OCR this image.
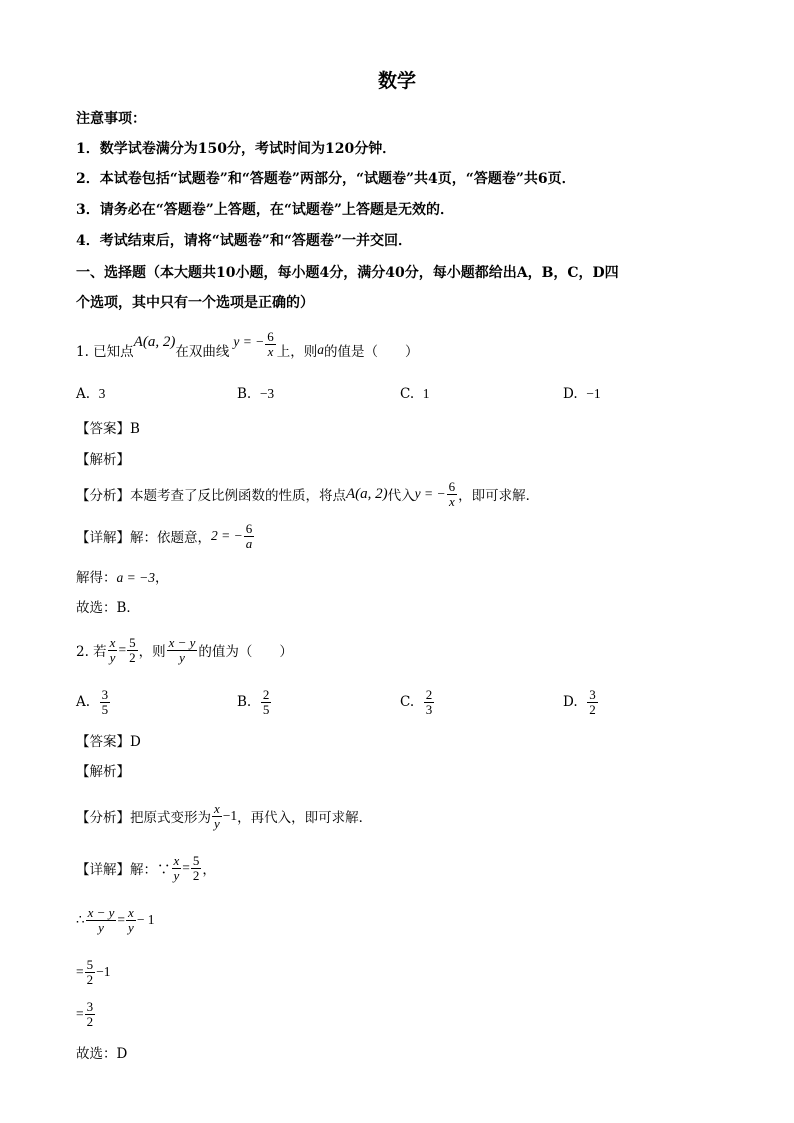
数学
注意事项：
1．数学试卷满分为150分，考试时间为120分钟．
2．本试卷包括“试题卷”和“答题卷”两部分，“试题卷”共4页，“答题卷”共6页．
3．请务必在“答题卷”上答题，在“试题卷”上答题是无效的．
4．考试结束后，请将“试题卷”和“答题卷”一并交回．
一、选择题（本大题共10小题，每小题4分，满分40分，每小题都给出A，B，C，D四
个选项，其中只有一个选项是正确的）
1. 已知点
A(a, 2)
在双曲线
y = − $\frac{6}{x}$ 上，则 a 的值是（　　）
A. 3	B. −3	C. 1	D. −1
【答案】B
【解析】
【分析】 本题考查了反比例函数的性质，将点 A(a, 2) 代入 y = − $\frac{6}{x}$ ，即可求解．
【详解】 解：依题意， 2 = − $\frac{6}{a}$
解得：a = −3，
故选：B．
2. 若 $\frac{x}{y} = \frac{5}{2}$ ，则 $\frac{x - y}{y}$ 的值为（　　）
A.
$\frac{3}{5}$	B.
$\frac{2}{5}$	C.
$\frac{2}{3}$	D.
$\frac{3}{2}$
【答案】D
【解析】
【分析】 把原式变形为 $\frac{x}{y} -1$ ，再代入，即可求解．
【详解】 解：∵ $\frac{x}{y} = \frac{5}{2}$ ，
∴ $\frac{x - y}{y} = \frac{x}{y} - 1$
= $\frac{5}{2} -1$
= $\frac{3}{2}$
故选：D
